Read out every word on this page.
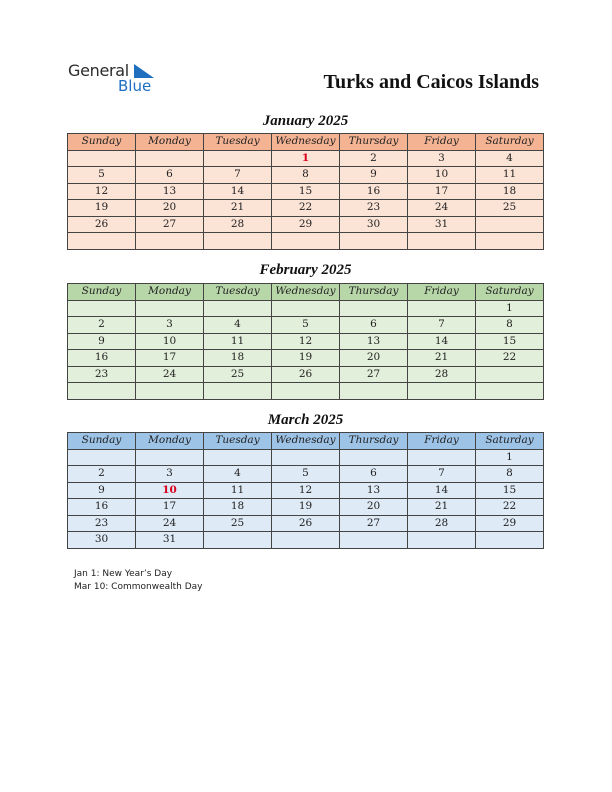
General
Blue	Turks and Caicos Islands
January 2025
Sunday	Monday	Tuesday	Wednesday	Thursday	Friday	Saturday
			1	2	3	4
5	6	7	8	9	10	11
12	13	14	15	16	17	18
19	20	21	22	23	24	25
26	27	28	29	30	31	

February 2025
Sunday	Monday	Tuesday	Wednesday	Thursday	Friday	Saturday
						1
2	3	4	5	6	7	8
9	10	11	12	13	14	15
16	17	18	19	20	21	22
23	24	25	26	27	28	

March 2025
Sunday	Monday	Tuesday	Wednesday	Thursday	Friday	Saturday
						1
2	3	4	5	6	7	8
9	10	11	12	13	14	15
16	17	18	19	20	21	22
23	24	25	26	27	28	29
30	31					
Jan 1: New Year’s Day
Mar 10: Commonwealth Day
